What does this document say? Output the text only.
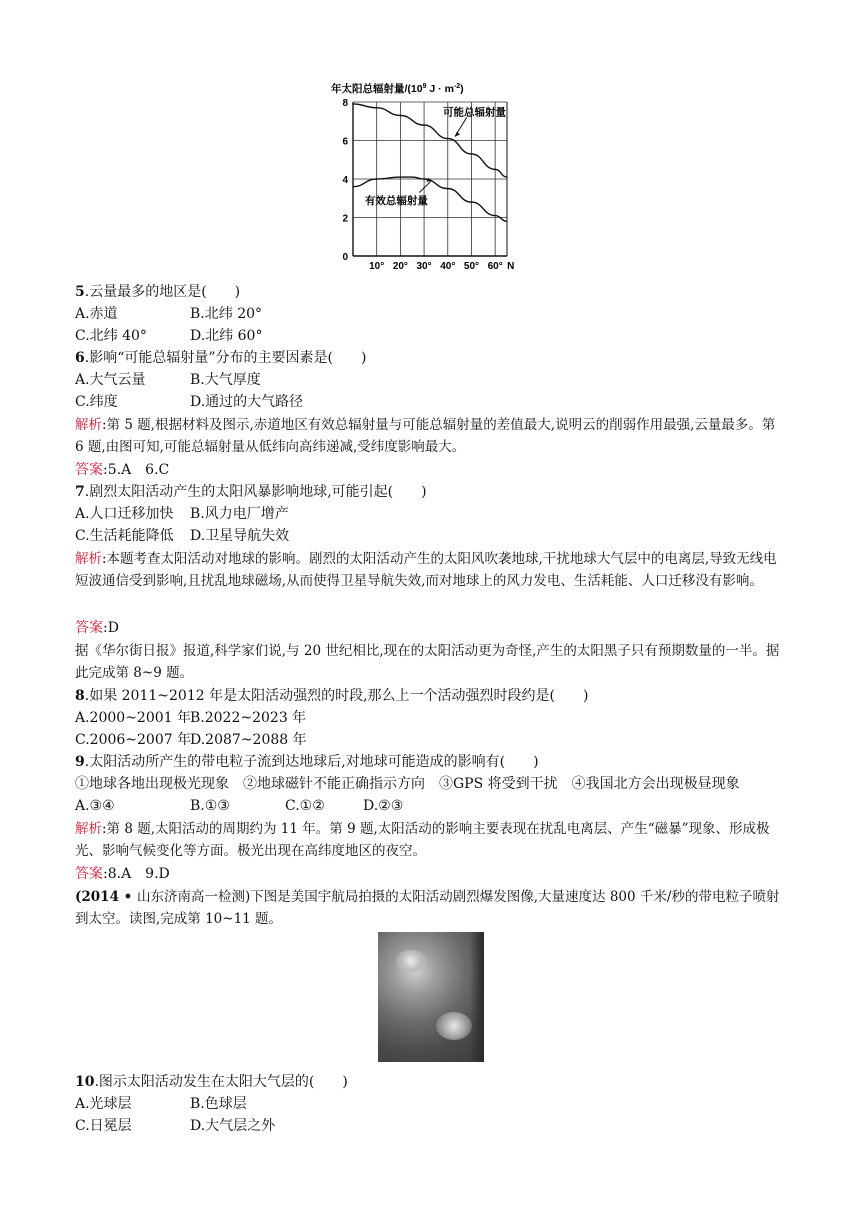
年太阳总辐射量$/(10^9$ $J \cdot m^{-2}$)
0
2
4
6
8
10° 20° 30° 40° 50° 60° N
可能总辐射量
有效总辐射量
5.云量最多的地区是(　　)
A.赤道	B.北纬 20°
C.北纬 40°	D.北纬 60°
6.影响“可能总辐射量”分布的主要因素是(　　)
A.大气云量	B.大气厚度
C.纬度	D.通过的大气路径
解析:第 5 题,根据材料及图示,赤道地区有效总辐射量与可能总辐射量的差值最大,说明云的削弱作用最强,云量最多。第 6 题,由图可知,可能总辐射量从低纬向高纬递减,受纬度影响最大。
答案:5.A　6.C
7.剧烈太阳活动产生的太阳风暴影响地球,可能引起(　　)
A.人口迁移加快 B.风力电厂增产
C.生活耗能降低 D.卫星导航失效
解析:本题考查太阳活动对地球的影响。剧烈的太阳活动产生的太阳风吹袭地球,干扰地球大气层中的电离层,导致无线电短波通信受到影响,且扰乱地球磁场,从而使得卫星导航失效,而对地球上的风力发电、生活耗能、人口迁移没有影响。
答案:D
据《华尔街日报》报道,科学家们说,与 20 世纪相比,现在的太阳活动更为奇怪,产生的太阳黑子只有预期数量的一半。据此完成第 8~9 题。
8.如果 2011~2012 年是太阳活动强烈的时段,那么上一个活动强烈时段约是(　　)
A.2000~2001 年B.2022~2023 年
C.2006~2007 年D.2087~2088 年
9.太阳活动所产生的带电粒子流到达地球后,对地球可能造成的影响有(　　)
①地球各地出现极光现象　②地球磁针不能正确指示方向　③GPS 将受到干扰　④我国北方会出现极昼现象
A.③④	B.①③	C.①②	D.②③
解析:第 8 题,太阳活动的周期约为 11 年。第 9 题,太阳活动的影响主要表现在扰乱电离层、产生“磁暴”现象、形成极光、影响气候变化等方面。极光出现在高纬度地区的夜空。
答案:8.A　9.D
(2014 • 山东济南高一检测)下图是美国宇航局拍摄的太阳活动剧烈爆发图像,大量速度达 800 千米/秒的带电粒子喷射到太空。读图,完成第 10~11 题。
10.图示太阳活动发生在太阳大气层的(　　)
A.光球层	B.色球层
C.日冕层	D.大气层之外
